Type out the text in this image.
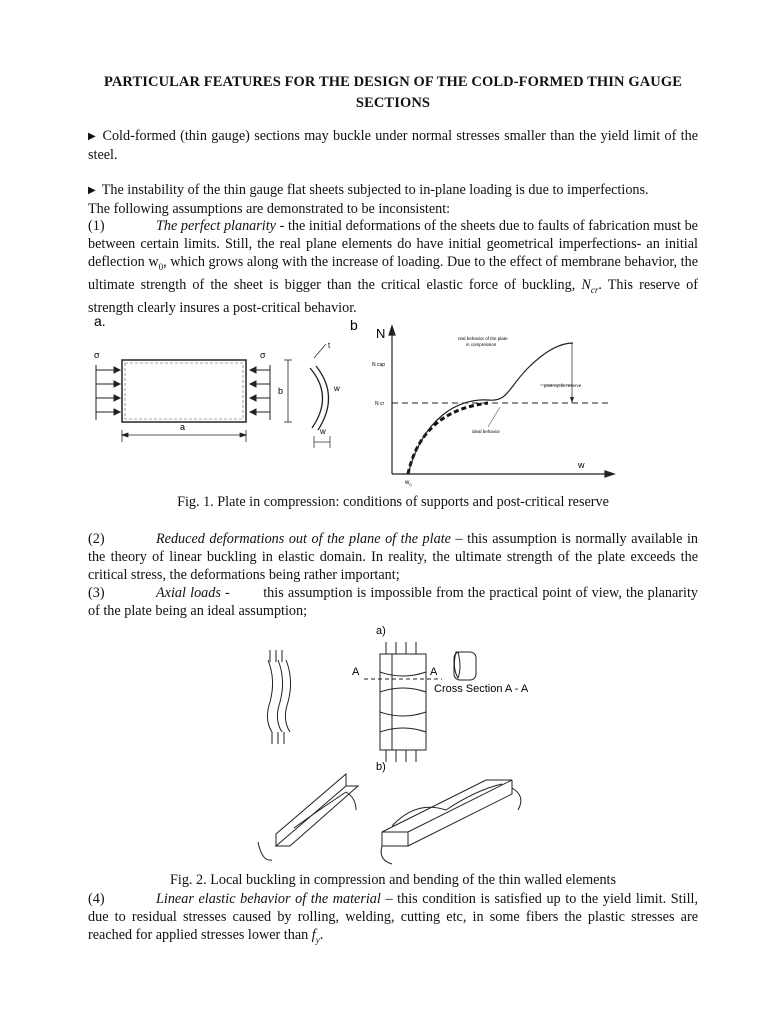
PARTICULAR FEATURES FOR THE DESIGN OF THE COLD-FORMED THIN GAUGE
SECTIONS
▶ Cold-formed (thin gauge) sections may buckle under normal stresses smaller than the yield limit of the steel.
▶ The instability of the thin gauge flat sheets subjected to in-plane loading is due to imperfections.
The following assumptions are demonstrated to be inconsistent:
(1)	The perfect planarity - the initial deformations of the sheets due to faults of fabrication must be between certain limits. Still, the real plane elements do have initial geometrical imperfections- an initial deflection $w_0$, which grows along with the increase of loading. Due to the effect of membrane behavior, the ultimate strength of the sheet is bigger than the critical elastic force of buckling, $N_{cr}$. This reserve of strength clearly insures a post-critical behavior.
a.
σ	σ
b
a
t
w
w
b
N
w
N cap
N cr
real behavior of the plate
in compression
post-cyclic reserve
ideal behavior
$w_0$
Fig. 1. Plate in compression: conditions of supports and post-critical reserve
(2)	Reduced deformations out of the plane of the plate – this assumption is normally available in the theory of linear buckling in elastic domain. In reality, the ultimate strength of the plate exceeds the critical stress, the deformations being rather important;
(3)	Axial loads -        this assumption is impossible from the practical point of view, the planarity of the plate being an ideal assumption;
a)
A	A
Cross Section A - A
b)
Fig. 2. Local buckling in compression and bending of the thin walled elements
(4)	Linear elastic behavior of the material – this condition is satisfied up to the yield limit. Still, due to residual stresses caused by rolling, welding, cutting etc, in some fibers the plastic stresses are reached for applied stresses lower than $f_y$.
